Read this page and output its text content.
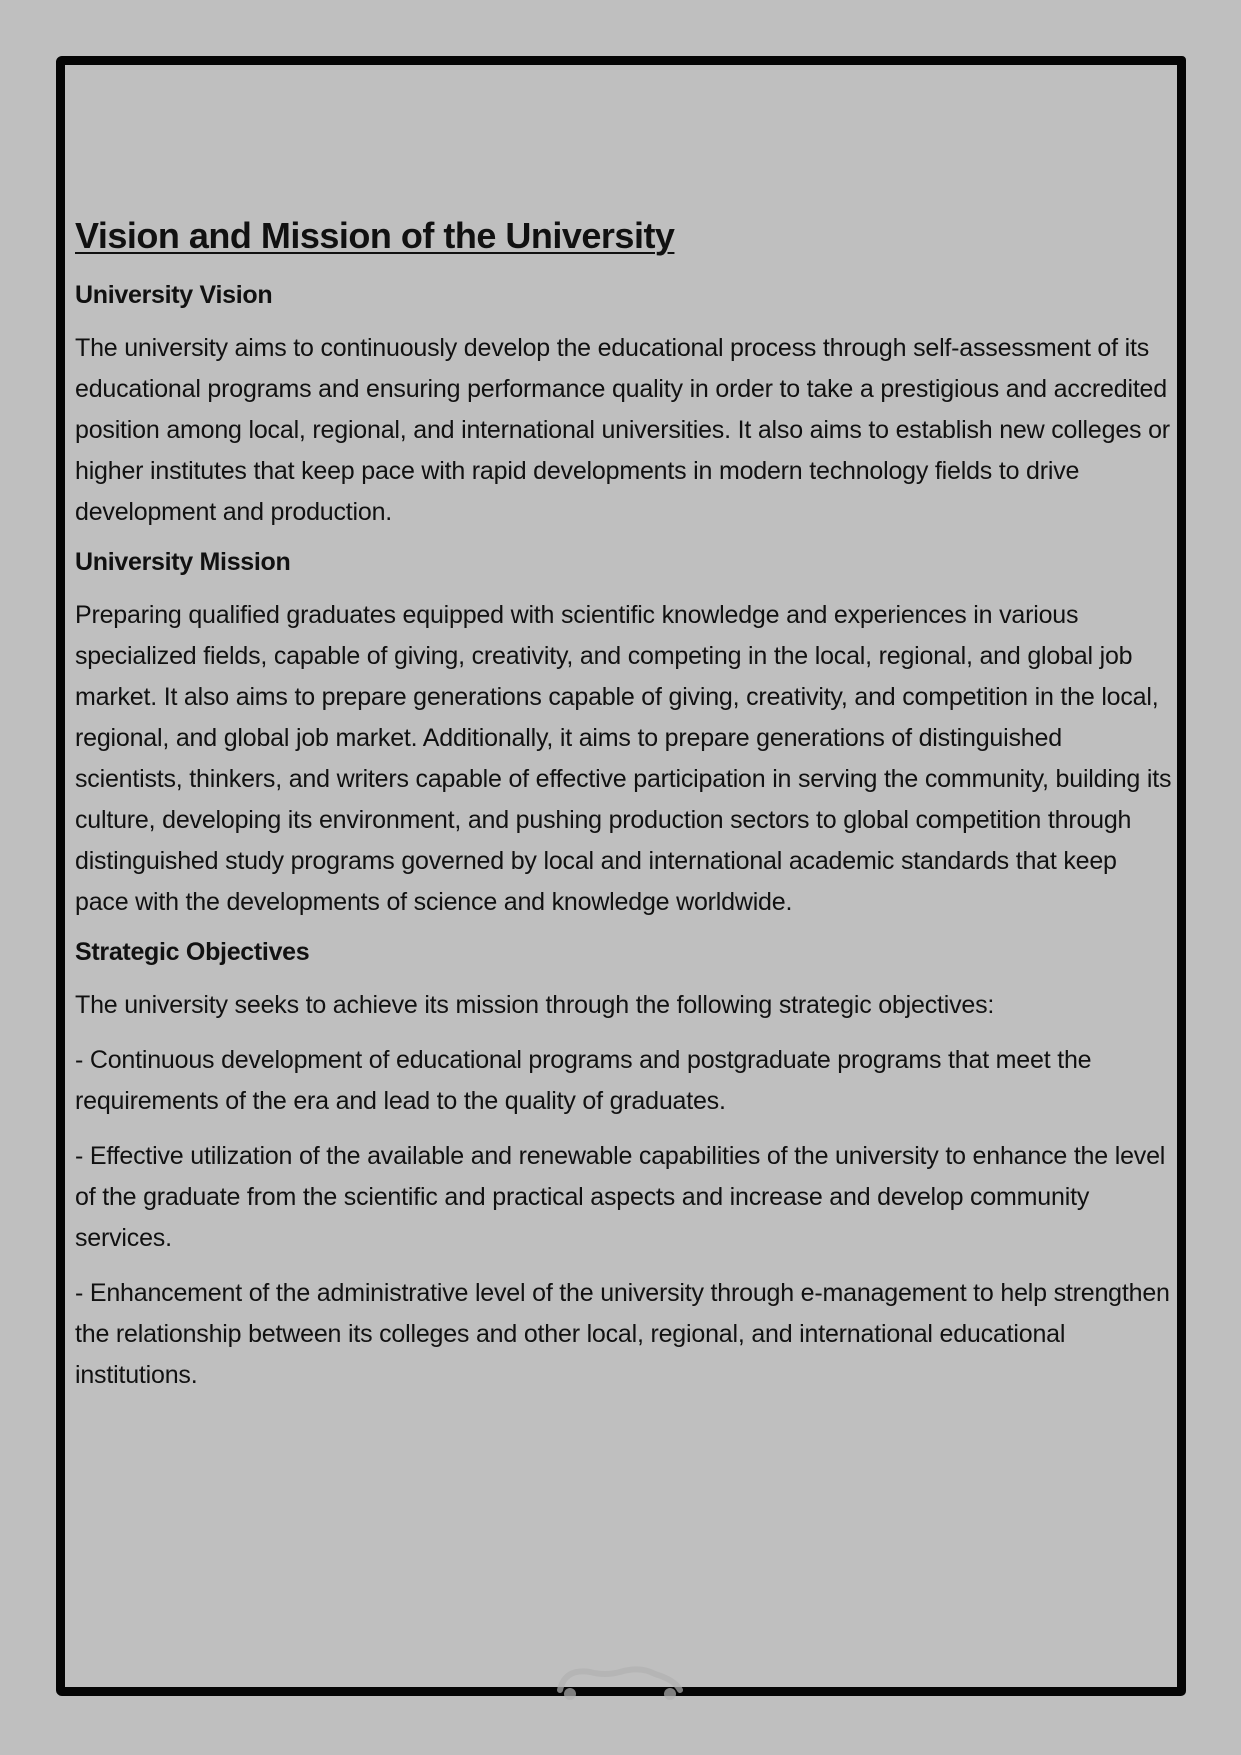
Vision and Mission of the University
University Vision

The university aims to continuously develop the educational process through self-assessment of its educational programs and ensuring performance quality in order to take a prestigious and accredited position among local, regional, and international universities. It also aims to establish new colleges or higher institutes that keep pace with rapid developments in modern technology fields to drive development and production.

University Mission

Preparing qualified graduates equipped with scientific knowledge and experiences in various specialized fields, capable of giving, creativity, and competing in the local, regional, and global job market. It also aims to prepare generations capable of giving, creativity, and competition in the local, regional, and global job market. Additionally, it aims to prepare generations of distinguished scientists, thinkers, and writers capable of effective participation in serving the community, building its culture, developing its environment, and pushing production sectors to global competition through distinguished study programs governed by local and international academic standards that keep pace with the developments of science and knowledge worldwide.

Strategic Objectives

The university seeks to achieve its mission through the following strategic objectives:

- Continuous development of educational programs and postgraduate programs that meet the requirements of the era and lead to the quality of graduates.

- Effective utilization of the available and renewable capabilities of the university to enhance the level of the graduate from the scientific and practical aspects and increase and develop community services.

- Enhancement of the administrative level of the university through e-management to help strengthen the relationship between its colleges and other local, regional, and international educational institutions.
